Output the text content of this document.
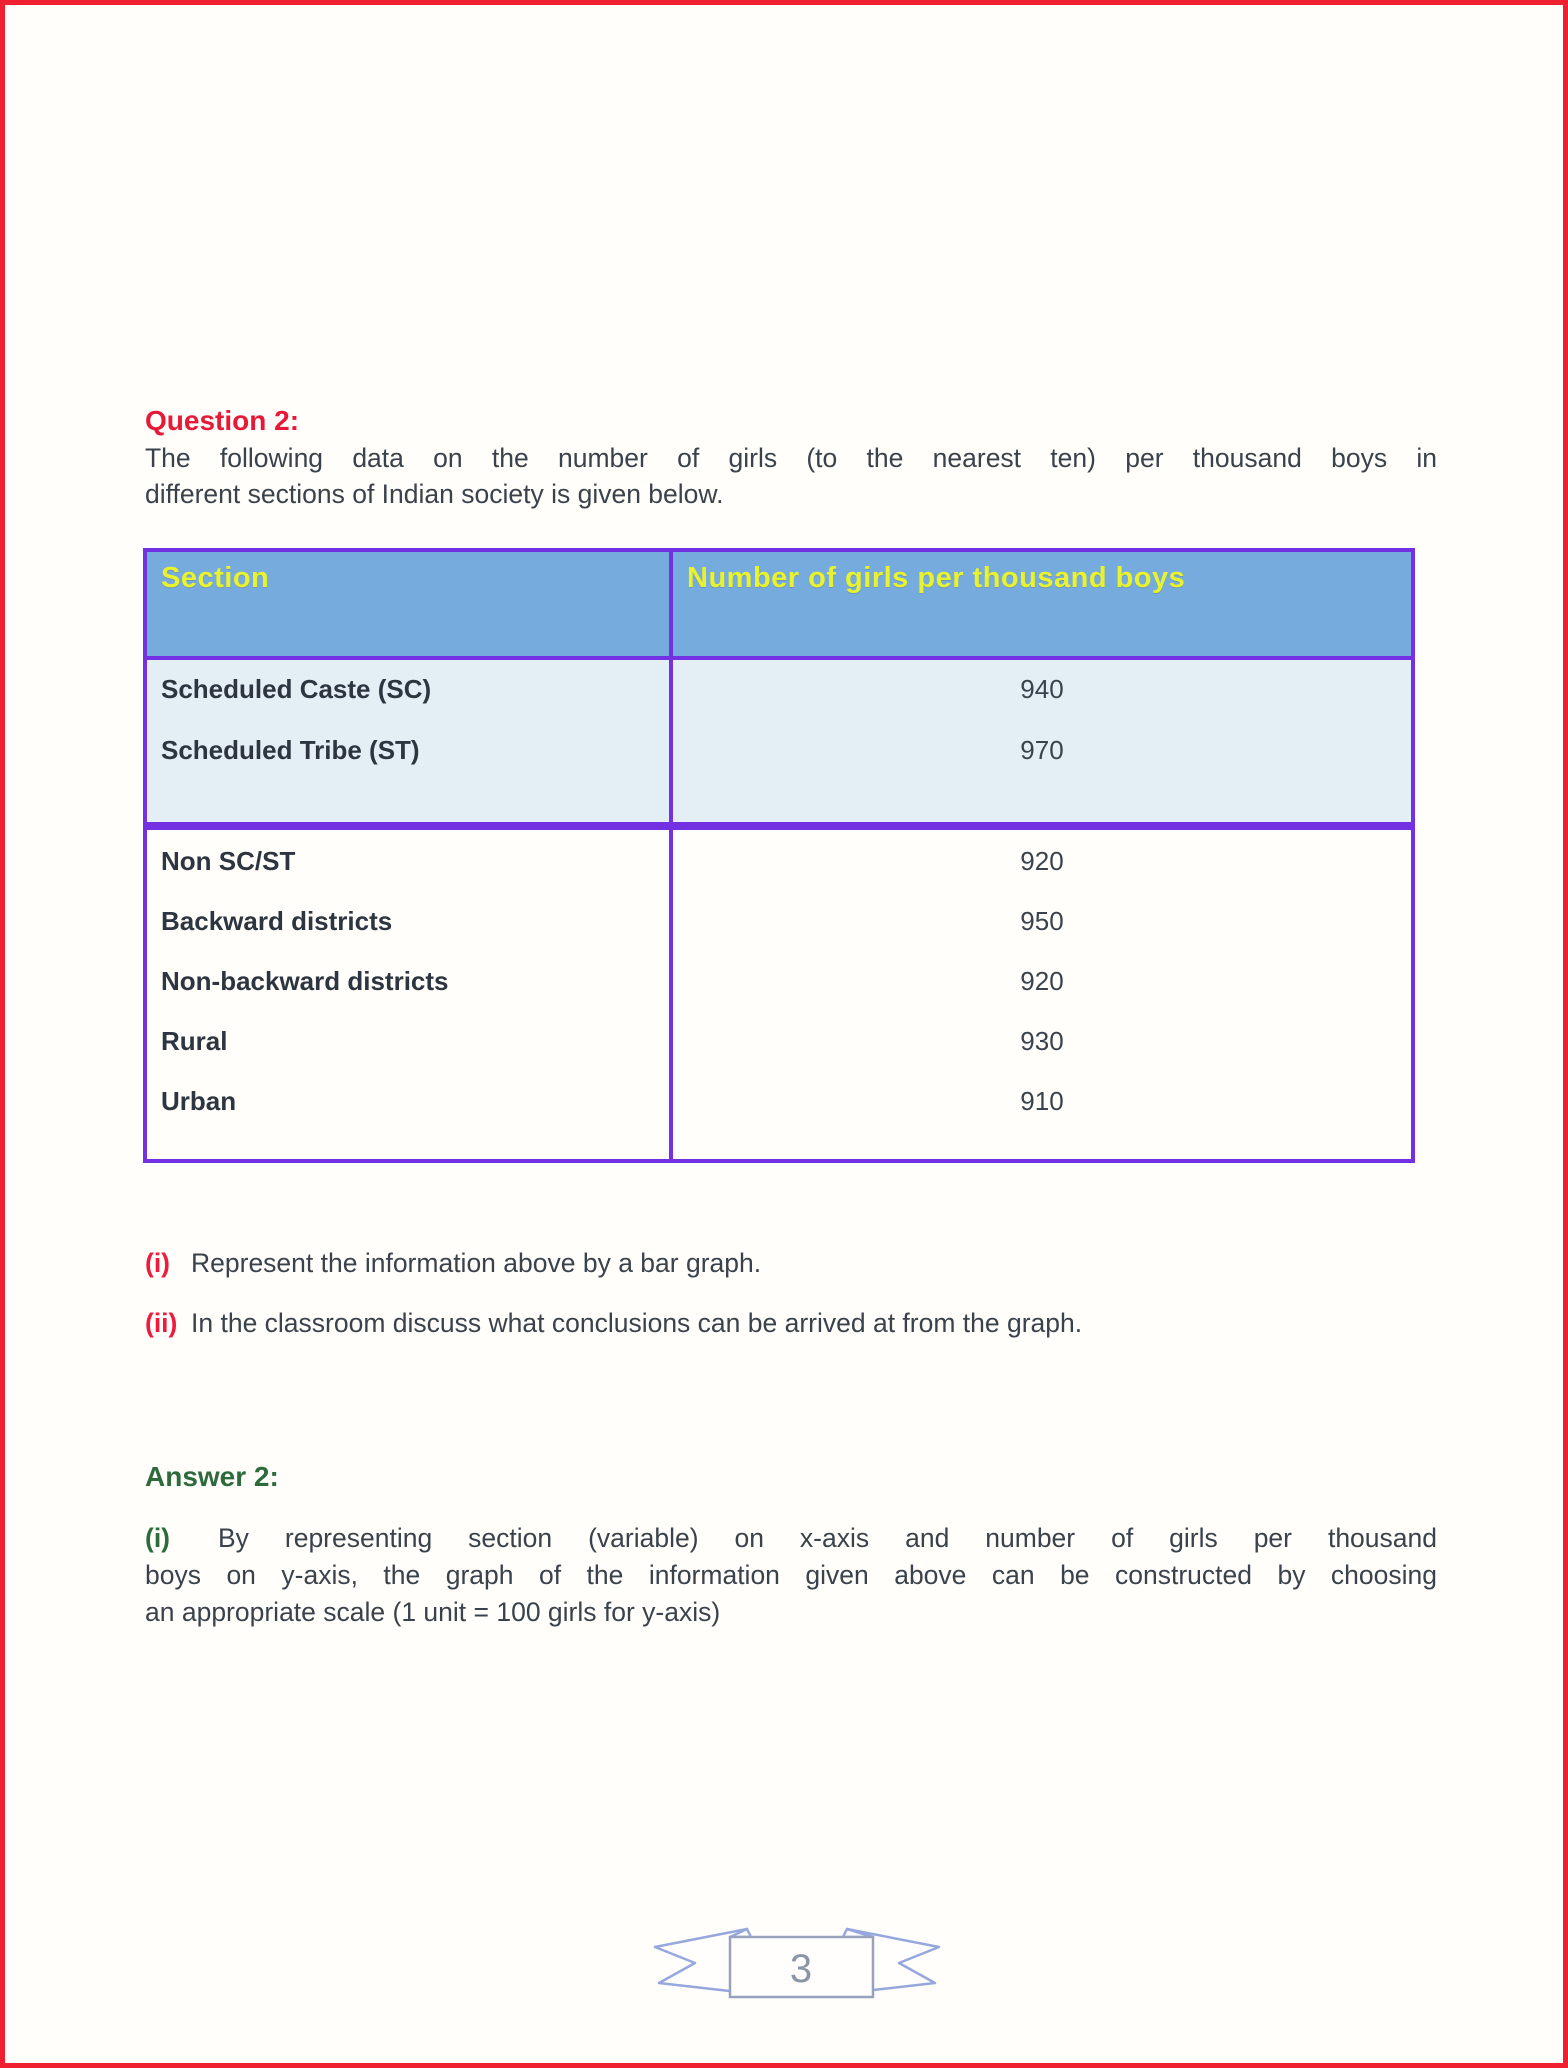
Question 2:
The following data on the number of girls (to the nearest ten) per thousand boys in
different sections of Indian society is given below.
Section	Number of girls per thousand boys
Scheduled Caste (SC)
Scheduled Tribe (ST)
940
970
Non SC/ST
Backward districts
Non-backward districts
Rural
Urban
920
950
920
930
910
(i) Represent the information above by a bar graph.
(ii) In the classroom discuss what conclusions can be arrived at from the graph.
Answer 2:
(i) By representing section (variable) on x-axis and number of girls per thousand
boys on y-axis, the graph of the information given above can be constructed by choosing
an appropriate scale (1 unit = 100 girls for y-axis)
3
